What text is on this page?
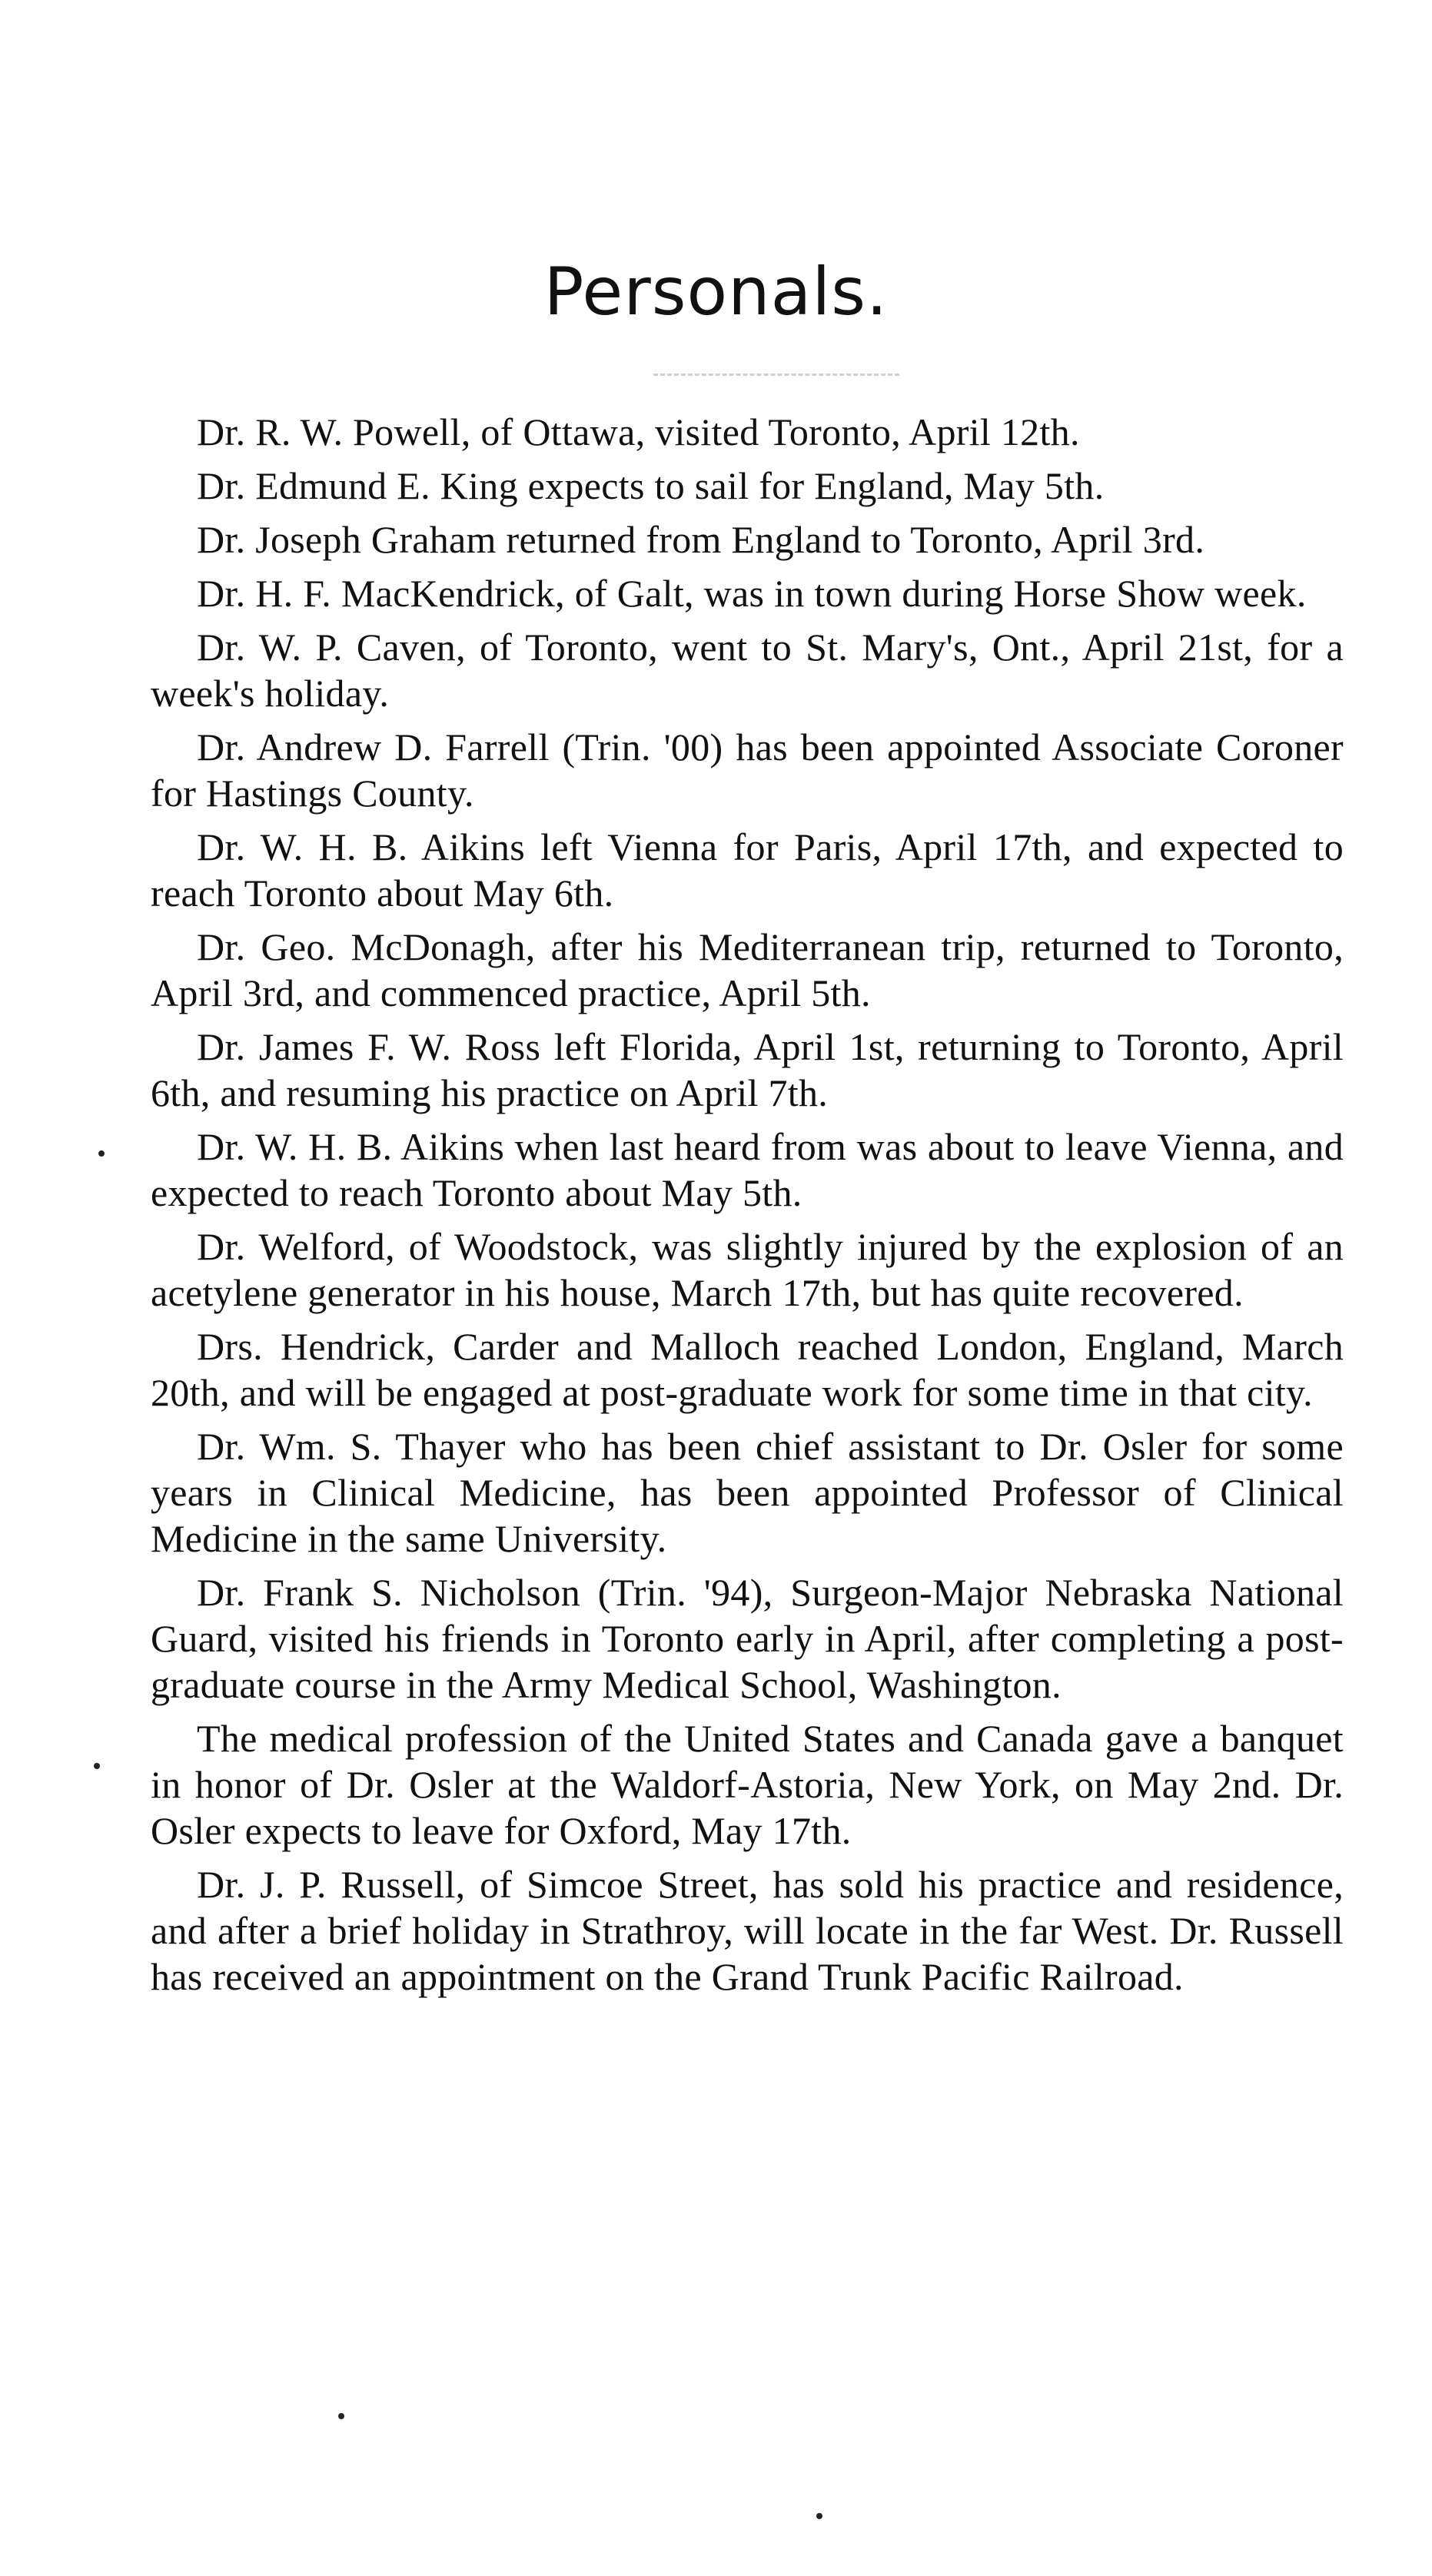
Personals.

Dr. R. W. Powell, of Ottawa, visited Toronto, April 12th.

Dr. Edmund E. King expects to sail for England, May 5th.

Dr. Joseph Graham returned from England to Toronto, April 3rd.

Dr. H. F. MacKendrick, of Galt, was in town during Horse Show week.

Dr. W. P. Caven, of Toronto, went to St. Mary's, Ont., April 21st, for a week's holiday.

Dr. Andrew D. Farrell (Trin. '00) has been appointed Associate Coroner for Hastings County.

Dr. W. H. B. Aikins left Vienna for Paris, April 17th, and expected to reach Toronto about May 6th.

Dr. Geo. McDonagh, after his Mediterranean trip, returned to Toronto, April 3rd, and commenced practice, April 5th.

Dr. James F. W. Ross left Florida, April 1st, returning to Toronto, April 6th, and resuming his practice on April 7th.

Dr. W. H. B. Aikins when last heard from was about to leave Vienna, and expected to reach Toronto about May 5th.

Dr. Welford, of Woodstock, was slightly injured by the explosion of an acetylene generator in his house, March 17th, but has quite recovered.

Drs. Hendrick, Carder and Malloch reached London, England, March 20th, and will be engaged at post-graduate work for some time in that city.

Dr. Wm. S. Thayer who has been chief assistant to Dr. Osler for some years in Clinical Medicine, has been appointed Professor of Clinical Medicine in the same University.

Dr. Frank S. Nicholson (Trin. '94), Surgeon-Major Nebraska National Guard, visited his friends in Toronto early in April, after completing a post-graduate course in the Army Medical School, Washington.

The medical profession of the United States and Canada gave a banquet in honor of Dr. Osler at the Waldorf-Astoria, New York, on May 2nd. Dr. Osler expects to leave for Oxford, May 17th.

Dr. J. P. Russell, of Simcoe Street, has sold his practice and residence, and after a brief holiday in Strathroy, will locate in the far West. Dr. Russell has received an appointment on the Grand Trunk Pacific Railroad.
